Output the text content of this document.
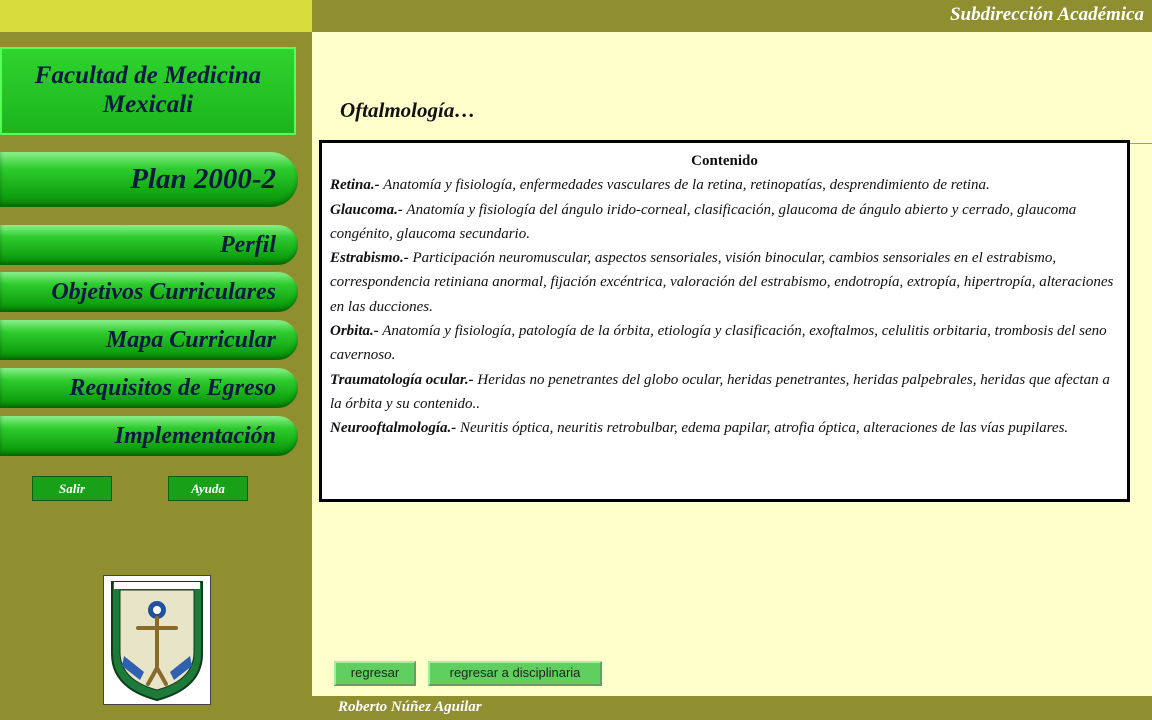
Subdirección Académica
Facultad de Medicina
Mexicali
Plan 2000-2
Perfil
Objetivos Curriculares
Mapa Curricular
Requisitos de Egreso
Implementación
Salir	Ayuda
Oftalmología…
Contenido

Retina.- Anatomía y fisiología, enfermedades vasculares de la retina, retinopatías, desprendimiento de retina.

Glaucoma.- Anatomía y fisiología del ángulo irido-corneal, clasificación, glaucoma de ángulo abierto y cerrado, glaucoma congénito, glaucoma secundario.

Estrabismo.- Participación neuromuscular, aspectos sensoriales, visión binocular, cambios sensoriales en el estrabismo, correspondencia retiniana anormal, fijación excéntrica, valoración del estrabismo, endotropía, extropía, hipertropía, alteraciones en las ducciones.

Orbita.- Anatomía y fisiología, patología de la órbita, etiología y clasificación, exoftalmos, celulitis orbitaria, trombosis del seno cavernoso.

Traumatología ocular.- Heridas no penetrantes del globo ocular, heridas penetrantes, heridas palpebrales, heridas que afectan a la órbita y su contenido..

Neurooftalmología.- Neuritis óptica, neuritis retrobulbar, edema papilar, atrofia óptica, alteraciones de las vías pupilares.

regresar	regresar a disciplinaria
Roberto Núñez Aguilar
